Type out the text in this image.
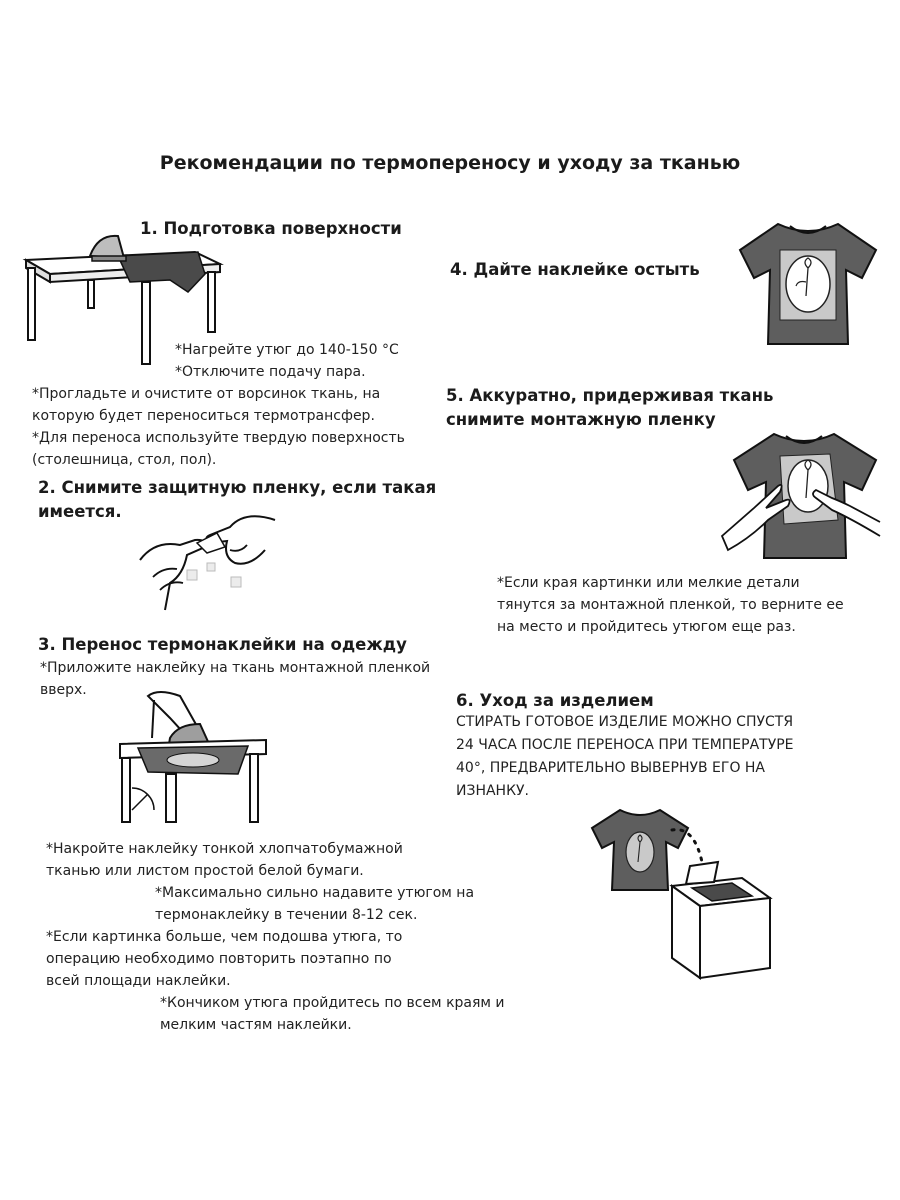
Рекомендации по термопереносу и уходу за тканью
1. Подготовка поверхности
*Нагрейте утюг до 140-150 °C
*Отключите подачу пара.
*Прогладьте и очистите от ворсинок ткань, на
которую будет переноситься термотрансфер.
*Для переноса используйте твердую поверхность
(столешница, стол, пол).
2. Снимите защитную пленку, если такая
имеется.
3. Перенос термонаклейки на одежду
*Приложите наклейку на ткань монтажной пленкой
вверх.
*Накройте наклейку тонкой хлопчатобумажной
тканью или листом простой белой бумаги.
*Максимально сильно надавите утюгом на
термонаклейку в течении 8-12 сек.
*Если картинка больше, чем подошва утюга, то
операцию необходимо повторить поэтапно по
всей площади наклейки.
*Кончиком утюга пройдитесь по всем краям и
мелким частям наклейки.
4. Дайте наклейке остыть
5. Аккуратно, придерживая ткань
снимите монтажную пленку
*Если края картинки или мелкие детали
тянутся за монтажной пленкой, то верните ее
на место и пройдитесь утюгом еще раз.
6. Уход за изделием
СТИРАТЬ ГОТОВОЕ ИЗДЕЛИЕ МОЖНО СПУСТЯ
24 ЧАСА ПОСЛЕ ПЕРЕНОСА ПРИ ТЕМПЕРАТУРЕ
40°, ПРЕДВАРИТЕЛЬНО ВЫВЕРНУВ ЕГО НА
ИЗНАНКУ.
